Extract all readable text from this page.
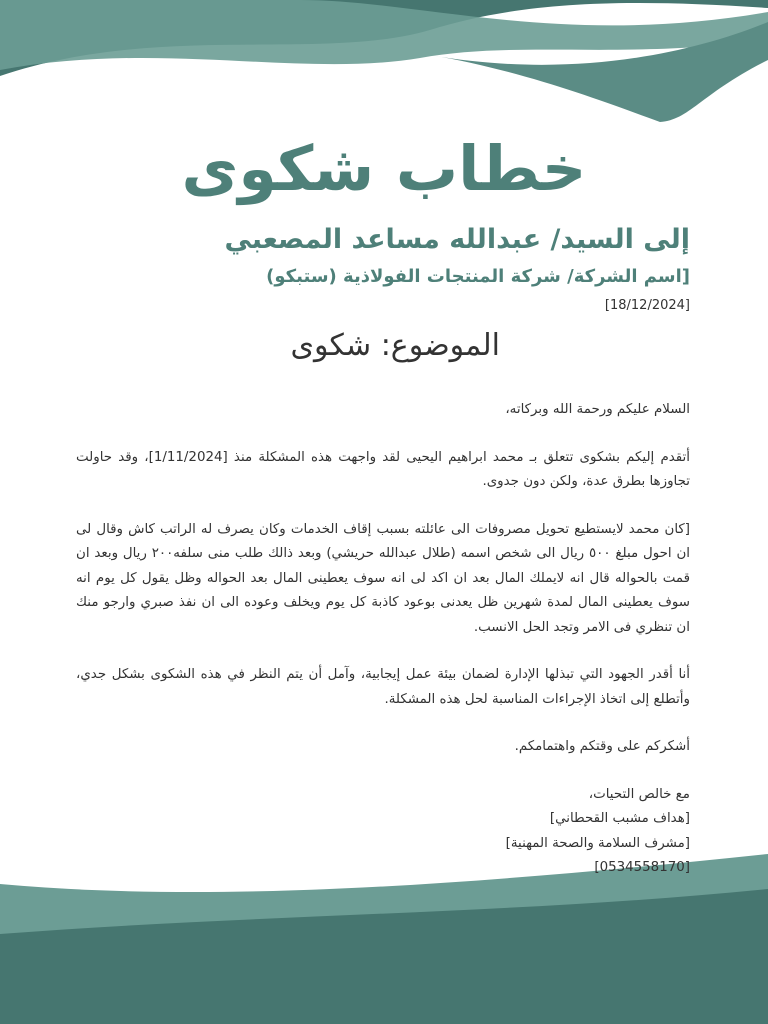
خطاب شكوى
إلى السيد/ عبدالله مساعد المصعبي
[اسم الشركة/ شركة المنتجات الفولاذية (ستبكو)
[18/12/2024]
الموضوع: شكوى

السلام عليكم ورحمة الله وبركاته،

أتقدم إليكم بشكوى تتعلق بـ محمد ابراهيم اليحيى لقد واجهت هذه المشكلة منذ [1/11/2024]، وقد حاولت تجاوزها بطرق عدة، ولكن دون جدوى.

[كان محمد لايستطيع تحويل مصروفات الى عائلته بسبب إقاف الخدمات وكان يصرف له الراتب كاش وقال لى ان احول مبلغ ٥٠٠ ريال الى شخص اسمه (طلال عبدالله حريشي) وبعد ذالك طلب منى سلفه٢٠٠ ريال وبعد ان قمت بالحواله قال انه لايملك المال بعد ان اكد لى انه سوف يعطينى المال بعد الحواله وظل يقول كل يوم انه سوف يعطينى المال لمدة شهرين ظل يعدنى بوعود كاذبة كل يوم ويخلف وعوده الى ان نفذ صبري وارجو منك ان تنظري فى الامر وتجد الحل الانسب.

أنا أقدر الجهود التي تبذلها الإدارة لضمان بيئة عمل إيجابية، وآمل أن يتم النظر في هذه الشكوى بشكل جدي، وأتطلع إلى اتخاذ الإجراءات المناسبة لحل هذه المشكلة.

أشكركم على وقتكم واهتمامكم.

مع خالص التحيات،
[هداف مشبب القحطاني]
[مشرف السلامة والصحة المهنية]
[0534558170]
